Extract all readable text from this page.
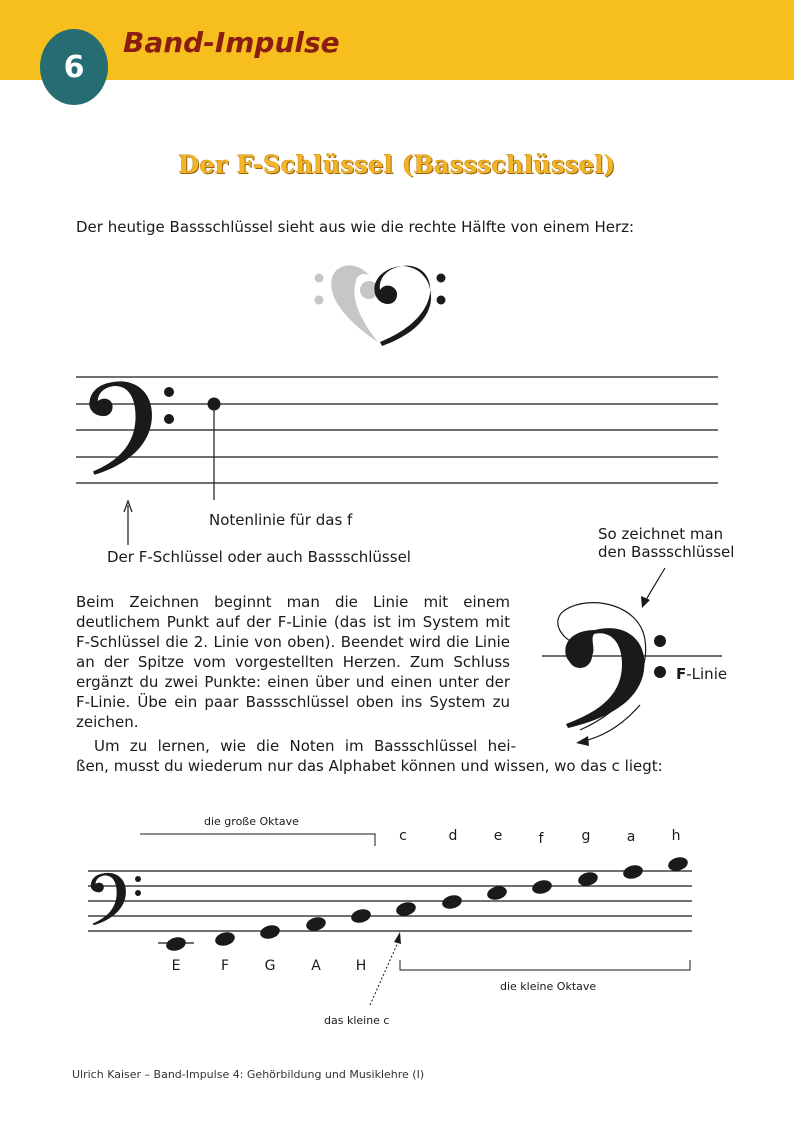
6
Band-Impulse
Der F-Schlüssel (Bassschlüssel)
Der heutige Bassschlüssel sieht aus wie die rechte Hälfte von einem Herz:
Notenlinie für das f
Der F-Schlüssel oder auch Bassschlüssel
So zeichnet man
den Bassschlüssel
F-Linie
Beim Zeichnen beginnt man die Linie mit einem deutlichem Punkt auf der F-Linie (das ist im System mit F-Schlüssel die 2. Linie von oben). Beendet wird die Linie an der Spitze vom vorgestellten Herzen. Zum Schluss ergänzt du zwei Punkte: einen über und einen unter der F-Linie. Übe ein paar Bassschlüssel oben ins System zu zeichen.
Um zu lernen, wie die Noten im Bassschlüssel hei-
ßen, musst du wiederum nur das Alphabet können und wissen, wo das c liegt:
die große Oktave
die kleine Oktave
das kleine c
E	F	G	A	H
c	d	e	f	g	a	h
Ulrich Kaiser – Band-Impulse 4: Gehörbildung und Musiklehre (I)
